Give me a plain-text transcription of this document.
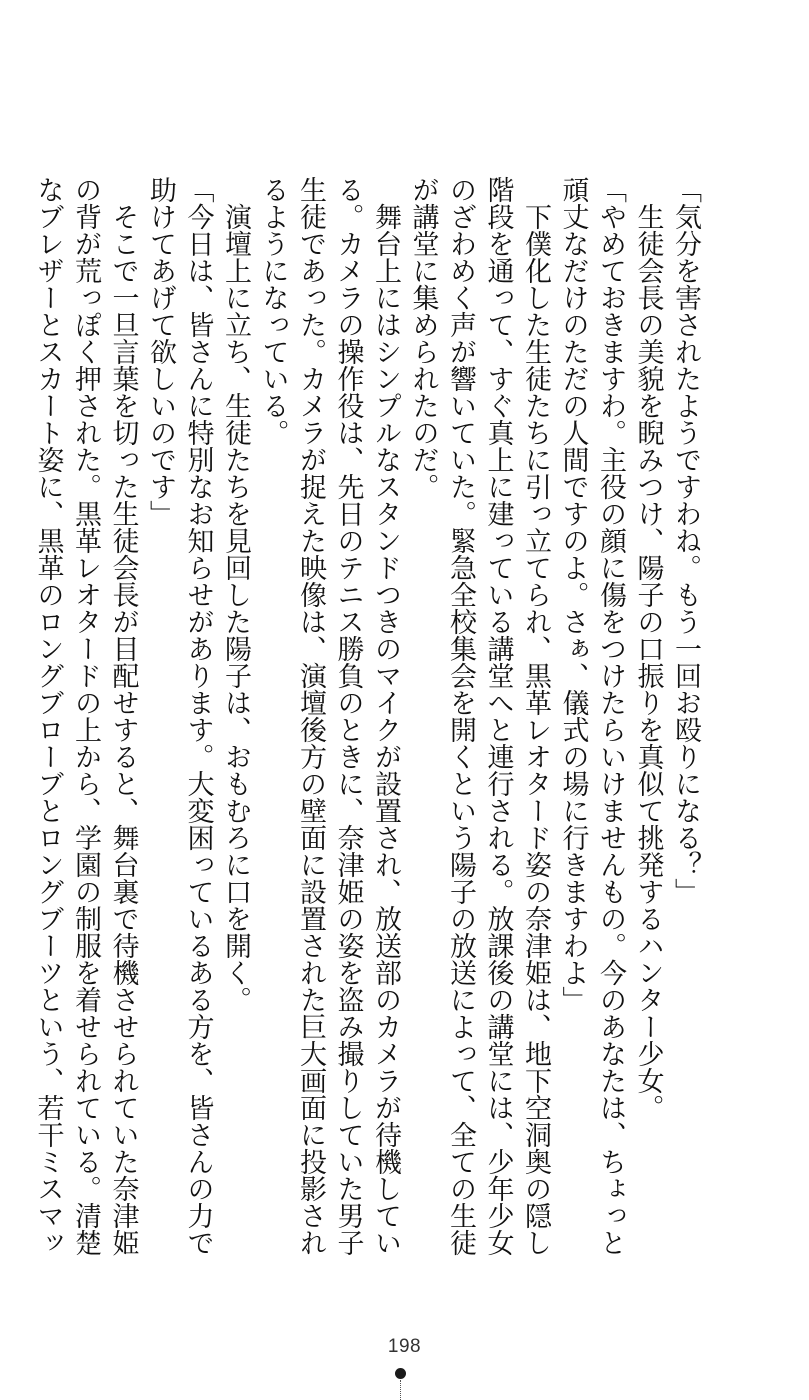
「気分を害されたようですわね。もう一回お殴りになる？」
　生徒会長の美貌を睨みつけ、陽子の口振りを真似て挑発するハンター少女。
「やめておきますわ。主役の顔に傷をつけたらいけませんもの。今のあなたは、ちょっと
頑丈なだけのただの人間ですのよ。さぁ、儀式の場に行きますわよ」
　下僕化した生徒たちに引っ立てられ、黒革レオタード姿の奈津姫は、地下空洞奥の隠し
階段を通って、すぐ真上に建っている講堂へと連行される。放課後の講堂には、少年少女
のざわめく声が響いていた。緊急全校集会を開くという陽子の放送によって、全ての生徒
が講堂に集められたのだ。
　舞台上にはシンプルなスタンドつきのマイクが設置され、放送部のカメラが待機してい
る。カメラの操作役は、先日のテニス勝負のときに、奈津姫の姿を盗み撮りしていた男子
生徒であった。カメラが捉えた映像は、演壇後方の壁面に設置された巨大画面に投影され
るようになっている。
　演壇上に立ち、生徒たちを見回した陽子は、おもむろに口を開く。
「今日は、皆さんに特別なお知らせがあります。大変困っているある方を、皆さんの力で
助けてあげて欲しいのです」
　そこで一旦言葉を切った生徒会長が目配せすると、舞台裏で待機させられていた奈津姫
の背が荒っぽく押された。黒革レオタードの上から、学園の制服を着せられている。清楚
なブレザーとスカート姿に、黒革のロングブローブとロングブーツという、若干ミスマッ
198
